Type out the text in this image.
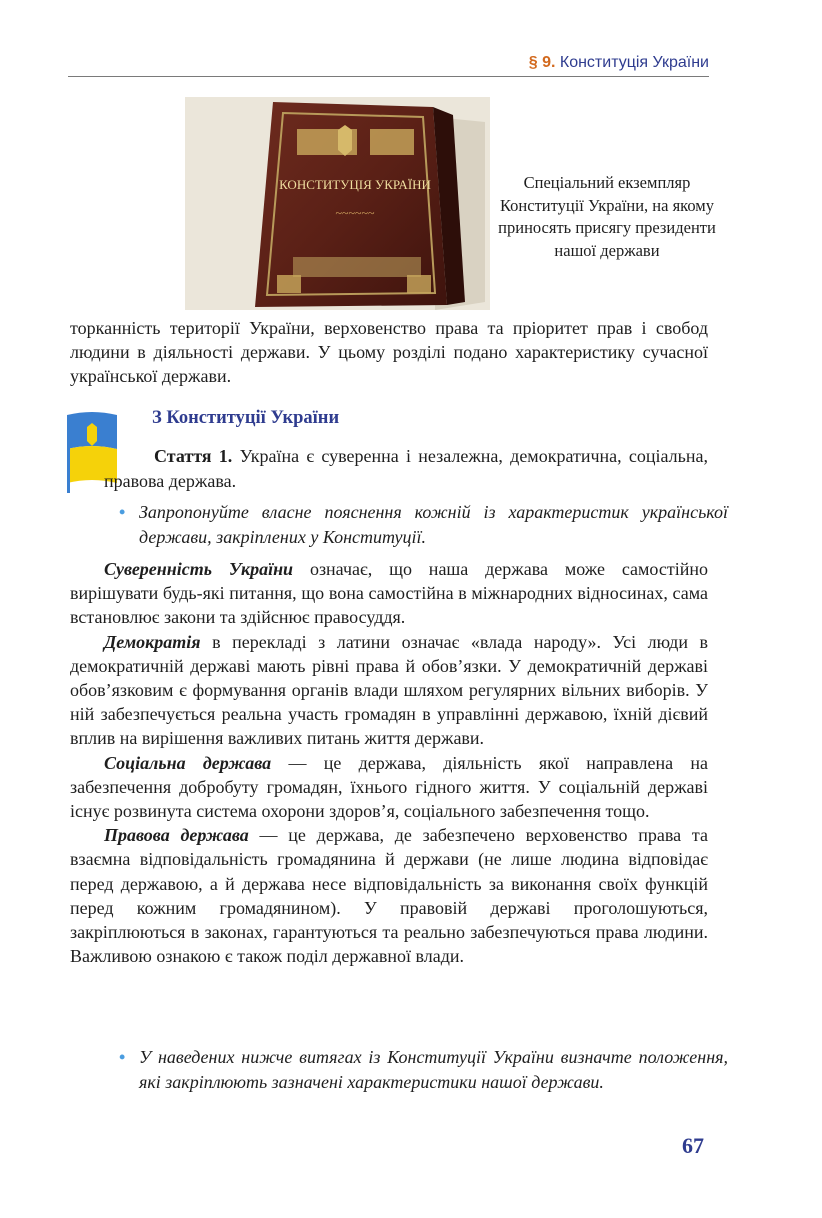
§ 9. Конституція України
КОНСТИТУЦІЯ УКРАЇНИ
~~~~~~
Спеціальний екземпляр Конституції України, на якому приносять присягу президенти нашої держави

торканність території України, верховенство права та пріоритет прав і свобод людини в діяльності держави. У цьому розділі подано характеристику сучасної української держави.

З Конституції України

Стаття 1. Україна є суверенна і незалежна, демократична, соціальна, правова держава.

• Запропонуйте власне пояснення кожній із характеристик української держави, закріплених у Конституції.

Суверенність України означає, що наша держава може самостійно вирішувати будь-які питання, що вона самостійна в міжнародних відносинах, сама встановлює закони та здійснює правосуддя.

Демократія в перекладі з латини означає «влада народу». Усі люди в демократичній державі мають рівні права й обов’язки. У демократичній державі обов’язковим є формування органів влади шляхом регулярних вільних виборів. У ній забезпечується реальна участь громадян в управлінні державою, їхній дієвий вплив на вирішення важливих питань життя держави.

Соціальна держава — це держава, діяльність якої направлена на забезпечення добробуту громадян, їхнього гідного життя. У соціальній державі існує розвинута система охорони здоров’я, соціального забезпечення тощо.

Правова держава — це держава, де забезпечено верховенство права та взаємна відповідальність громадянина й держави (не лише людина відповідає перед державою, а й держава несе відповідальність за виконання своїх функцій перед кожним громадянином). У правовій державі проголошуються, закріплюються в законах, гарантуються та реально забезпечуються права людини. Важливою ознакою є також поділ державної влади.

• У наведених нижче витягах із Конституції України визначте положення, які закріплюють зазначені характеристики нашої держави.
67
